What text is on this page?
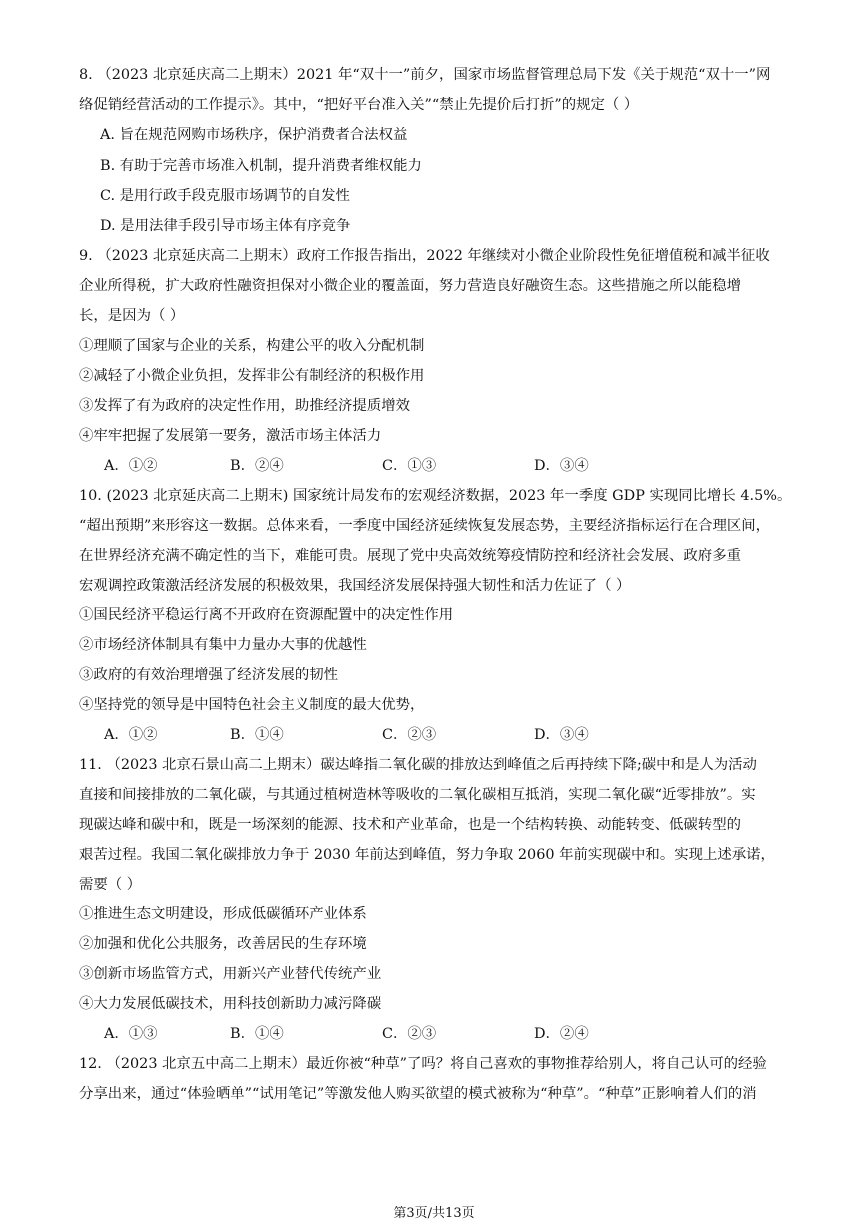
8. （2023 北京延庆高二上期末）2021 年“双十一”前夕，国家市场监督管理总局下发《关于规范“双十一”网
络促销经营活动的工作提示》。其中，“把好平台准入关”“禁止先提价后打折”的规定（ ）
A. 旨在规范网购市场秩序，保护消费者合法权益
B. 有助于完善市场准入机制，提升消费者维权能力
C. 是用行政手段克服市场调节的自发性
D. 是用法律手段引导市场主体有序竞争
9. （2023 北京延庆高二上期末）政府工作报告指出，2022 年继续对小微企业阶段性免征增值税和减半征收
企业所得税，扩大政府性融资担保对小微企业的覆盖面，努力营造良好融资生态。这些措施之所以能稳增
长，是因为（ ）
①理顺了国家与企业的关系，构建公平的收入分配机制
②减轻了小微企业负担，发挥非公有制经济的积极作用
③发挥了有为政府的决定性作用，助推经济提质增效
④牢牢把握了发展第一要务，激活市场主体活力
A．①②	B．②④	C．①③	D．③④
10. (2023 北京延庆高二上期末) 国家统计局发布的宏观经济数据，2023 年一季度 GDP 实现同比增长 4.5%。
“超出预期”来形容这一数据。总体来看，一季度中国经济延续恢复发展态势，主要经济指标运行在合理区间，
在世界经济充满不确定性的当下，难能可贵。展现了党中央高效统筹疫情防控和经济社会发展、政府多重
宏观调控政策激活经济发展的积极效果，我国经济发展保持强大韧性和活力佐证了（ ）
①国民经济平稳运行离不开政府在资源配置中的决定性作用
②市场经济体制具有集中力量办大事的优越性
③政府的有效治理增强了经济发展的韧性
④坚持党的领导是中国特色社会主义制度的最大优势，
A．①②	B．①④	C．②③	D．③④
11. （2023 北京石景山高二上期末）碳达峰指二氧化碳的排放达到峰值之后再持续下降;碳中和是人为活动
直接和间接排放的二氧化碳，与其通过植树造林等吸收的二氧化碳相互抵消，实现二氧化碳“近零排放”。实
现碳达峰和碳中和，既是一场深刻的能源、技术和产业革命，也是一个结构转换、动能转变、低碳转型的
艰苦过程。我国二氧化碳排放力争于 2030 年前达到峰值，努力争取 2060 年前实现碳中和。实现上述承诺，
需要（ ）
①推进生态文明建设，形成低碳循环产业体系
②加强和优化公共服务，改善居民的生存环境
③创新市场监管方式，用新兴产业替代传统产业
④大力发展低碳技术，用科技创新助力减污降碳
A．①③	B．①④	C．②③	D．②④
12. （2023 北京五中高二上期末）最近你被“种草”了吗？将自己喜欢的事物推荐给别人，将自己认可的经验
分享出来，通过“体验晒单”“试用笔记”等激发他人购买欲望的模式被称为“种草”。“种草”正影响着人们的消
第3页/共13页
